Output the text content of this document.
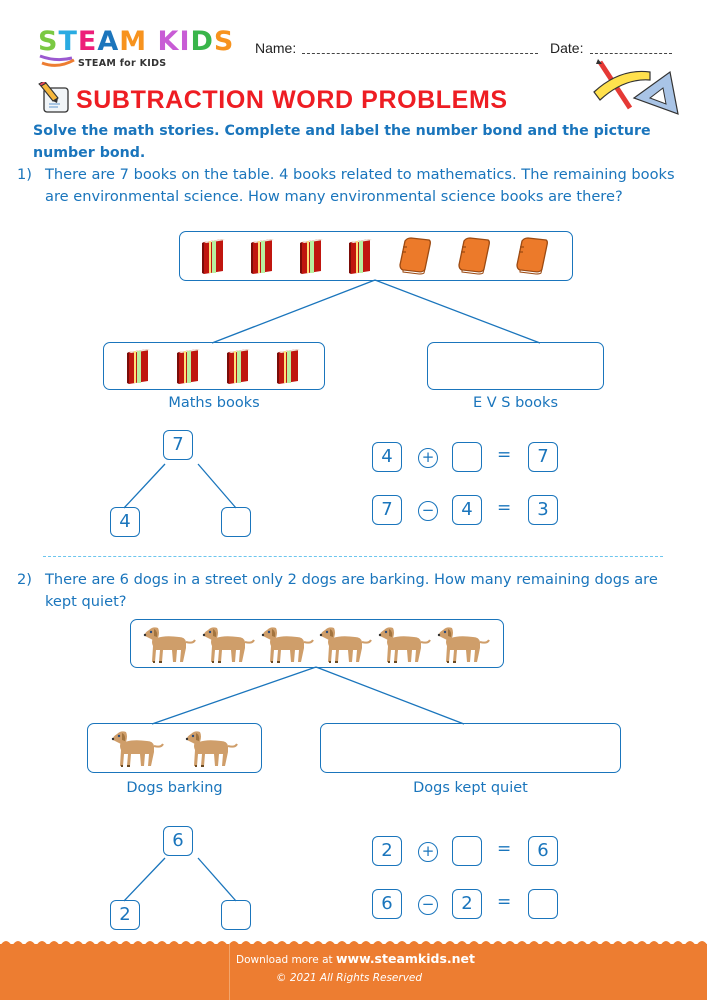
STEAM KIDS
STEAM for KIDS
Name:	Date:
SUBTRACTION WORD PROBLEMS
Solve the math stories. Complete and label the number bond and the picture number bond.
1) There are 7 books on the table. 4 books related to mathematics. The remaining books are environmental science. How many environmental science books are there?
Maths books	E V S books
7
4
4	+	=	7
7	−	4	=	3
2) There are 6 dogs in a street only 2 dogs are barking. How many remaining dogs are kept quiet?
Dogs barking	Dogs kept quiet
6
2
2	+	=	6
6	−	2	=
Download more at www.steamkids.net
© 2021 All Rights Reserved
